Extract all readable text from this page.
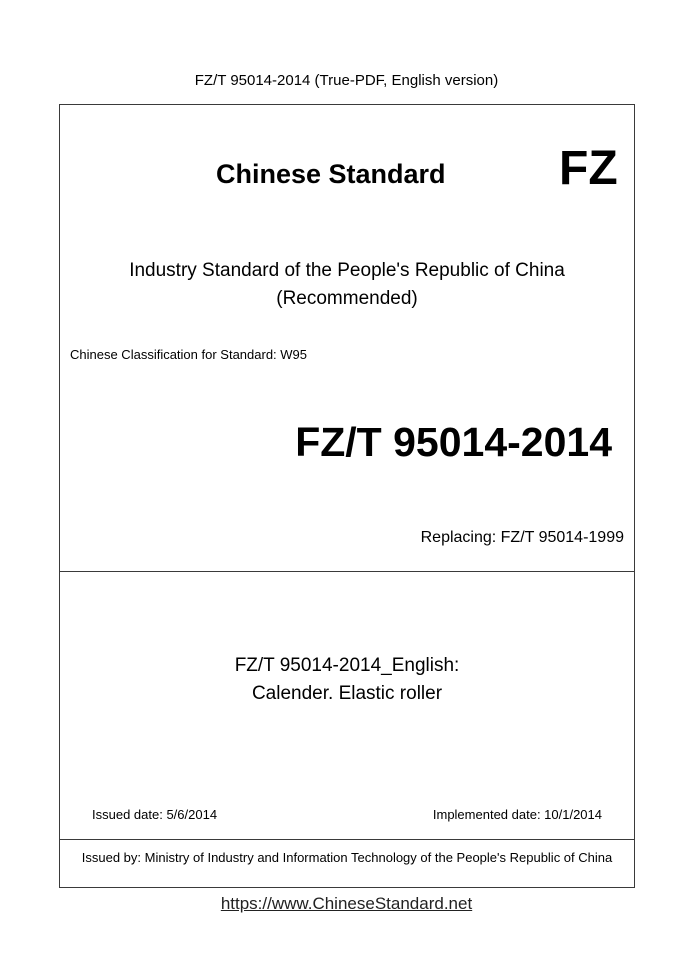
FZ/T 95014-2014 (True-PDF, English version)
Chinese Standard FZ
Industry Standard of the People's Republic of China
(Recommended)
Chinese Classification for Standard: W95
FZ/T 95014-2014
Replacing: FZ/T 95014-1999
FZ/T 95014-2014_English:
Calender. Elastic roller
Issued date: 5/6/2014	Implemented date: 10/1/2014
Issued by: Ministry of Industry and Information Technology of the People's Republic of China
https://www.ChineseStandard.net
